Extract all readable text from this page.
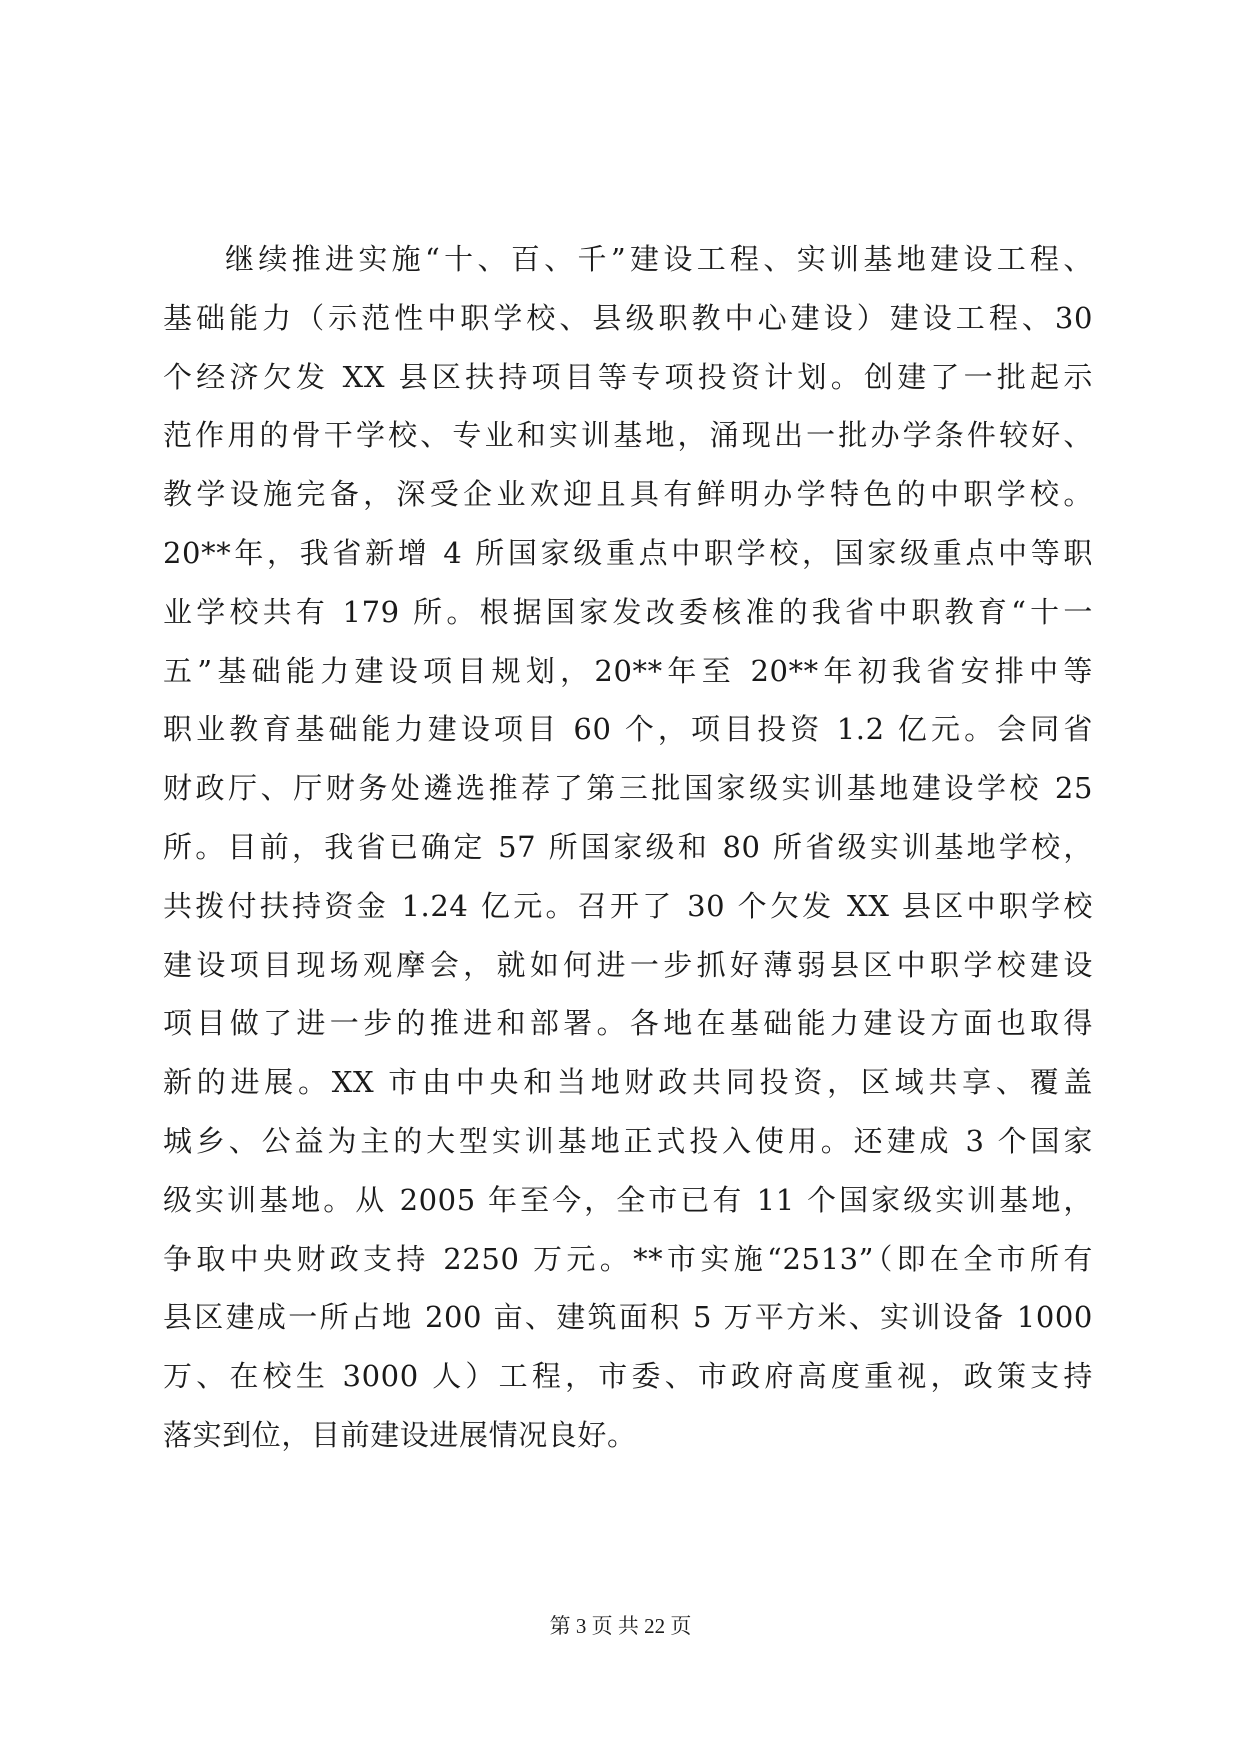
继续推进实施“十、百、千”建设工程、实训基地建设工程、
基础能力（示范性中职学校、县级职教中心建设）建设工程、30
个经济欠发 XX 县区扶持项目等专项投资计划。创建了一批起示
范作用的骨干学校、专业和实训基地，涌现出一批办学条件较好、
教学设施完备，深受企业欢迎且具有鲜明办学特色的中职学校。
20**年，我省新增 4 所国家级重点中职学校，国家级重点中等职
业学校共有 179 所。根据国家发改委核准的我省中职教育“十一
五”基础能力建设项目规划，20**年至 20**年初我省安排中等
职业教育基础能力建设项目 60 个，项目投资 1.2 亿元。会同省
财政厅、厅财务处遴选推荐了第三批国家级实训基地建设学校 25
所。目前，我省已确定 57 所国家级和 80 所省级实训基地学校，
共拨付扶持资金 1.24 亿元。召开了 30 个欠发 XX 县区中职学校
建设项目现场观摩会，就如何进一步抓好薄弱县区中职学校建设
项目做了进一步的推进和部署。各地在基础能力建设方面也取得
新的进展。XX 市由中央和当地财政共同投资，区域共享、覆盖
城乡、公益为主的大型实训基地正式投入使用。还建成 3 个国家
级实训基地。从 2005 年至今，全市已有 11 个国家级实训基地，
争取中央财政支持 2250 万元。**市实施“2513”（即在全市所有
县区建成一所占地 200 亩、建筑面积 5 万平方米、实训设备 1000
万、在校生 3000 人）工程，市委、市政府高度重视，政策支持
落实到位，目前建设进展情况良好。
第 3 页 共 22 页
